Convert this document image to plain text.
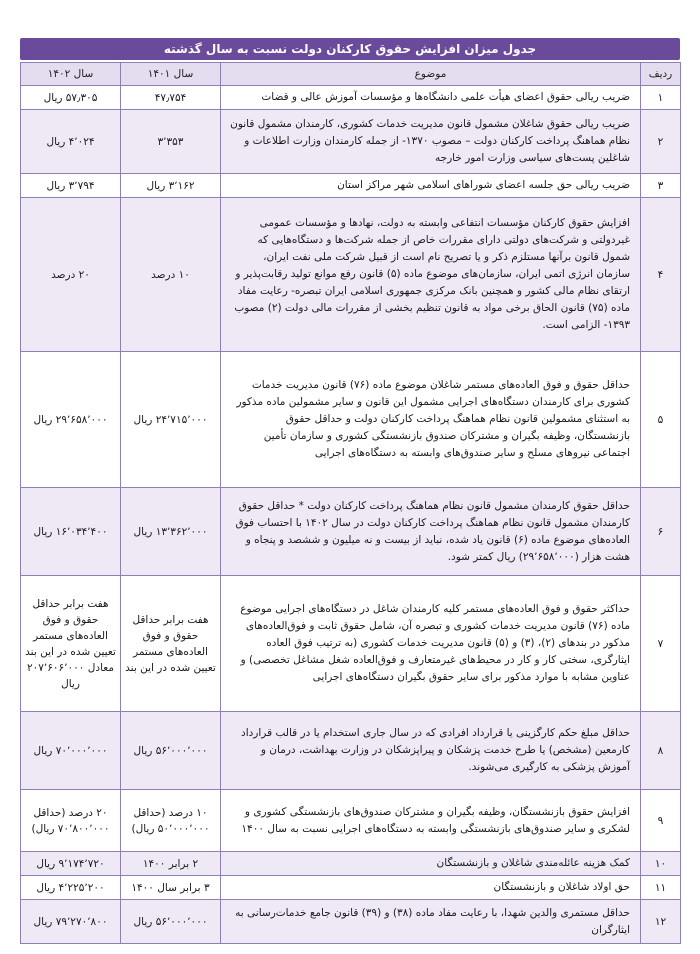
جدول میزان افزایش حقوق کارکنان دولت نسبت به سال گذشته
ردیف	موضوع	سال ۱۴۰۱	سال ۱۴۰۲
۱	ضریب ریالی حقوق اعضای هیأت علمی دانشگاه‌ها و مؤسسات آموزش عالی و قضات	۴۷٫۷۵۴	۵۷٫۳۰۵ ریال
۲	ضریب ریالی حقوق شاغلان مشمول قانون مدیریت خدمات کشوری، کارمندان مشمول قانون نظام هماهنگ پرداخت کارکنان دولت – مصوب ۱۳۷۰- از جمله کارمندان وزارت اطلاعات و شاغلین پست‌های سیاسی وزارت امور خارجه	۳٬۳۵۳	۴٬۰۲۴ ریال
۳	ضریب ریالی حق جلسه اعضای شوراهای اسلامی شهر مراکز استان	۳٬۱۶۲ ریال	۳٬۷۹۴ ریال
۴	افزایش حقوق کارکنان مؤسسات انتفاعی وابسته به دولت، نهادها و مؤسسات عمومی غیردولتی و شرکت‌های دولتی دارای مقررات خاص از جمله شرکت‌ها و دستگاه‌هایی که شمول قانون برآنها مستلزم ذکر و یا تصریح نام است از قبیل شرکت ملی نفت ایران، سازمان انرژی اتمی ایران، سازمان‌های موضوع ماده (۵) قانون رفع موانع تولید رقابت‌پذیر و ارتقای نظام مالی کشور و همچنین بانک مرکزی جمهوری اسلامی ایران تبصره- رعایت مفاد ماده (۷۵) قانون الحاق برخی مواد به قانون تنظیم بخشی از مقررات مالی دولت (۲) مصوب ۱۳۹۳- الزامی است.	۱۰ درصد	۲۰ درصد
۵	حداقل حقوق و فوق العاده‌های مستمر شاغلان موضوع ماده (۷۶) قانون مدیریت خدمات کشوری برای کارمندان دستگاه‌های اجرایی مشمول این قانون و سایر مشمولین ماده مذکور به استثنای مشمولین قانون نظام هماهنگ پرداخت کارکنان دولت و حداقل حقوق بازنشستگان، وظیفه بگیران و مشترکان صندوق بازنشستگی کشوری و سازمان تأمین اجتماعی نیروهای مسلح و سایر صندوق‌های وابسته به دستگاه‌های اجرایی	۲۴٬۷۱۵٬۰۰۰ ریال	۲۹٬۶۵۸٬۰۰۰ ریال
۶	حداقل حقوق کارمندان مشمول قانون نظام هماهنگ پرداخت کارکنان دولت * حداقل حقوق کارمندان مشمول قانون نظام هماهنگ پرداخت کارکنان دولت در سال ۱۴۰۲ با احتساب فوق العاده‌های موضوع ماده (۶) قانون یاد شده، نباید از بیست و نه میلیون و ششصد و پنجاه و هشت هزار (۲۹٬۶۵۸٬۰۰۰) ریال کمتر شود.	۱۳٬۳۶۲٬۰۰۰ ریال	۱۶٬۰۳۴٬۴۰۰ ریال
۷	حداکثر حقوق و فوق العاده‌های مستمر کلیه کارمندان شاغل در دستگاه‌های اجرایی موضوع ماده (۷۶) قانون مدیریت خدمات کشوری و تبصره آن، شامل حقوق ثابت و فوق‌العاده‌های مذکور در بندهای (۲)، (۳) و (۵) قانون مدیریت خدمات کشوری (به ترتیب فوق العاده ایثارگری، سختی کار و کار در محیط‌های غیرمتعارف و فوق‌العاده شغل مشاغل تخصصی) و عناوین مشابه با موارد مذکور برای سایر حقوق بگیران دستگاه‌های اجرایی	هفت برابر حداقل حقوق و فوق العاده‌های مستمر تعیین شده در این بند	هفت برابر حداقل حقوق و فوق العاده‌های مستمر تعیین شده در این بند معادل ۲۰۷٬۶۰۶٬۰۰۰ ریال
۸	حداقل مبلغ حکم کارگزینی یا قرارداد افرادی که در سال جاری استخدام یا در قالب قرارداد کارمعین (مشخص) یا طرح خدمت پزشکان و پیراپزشکان در وزارت بهداشت، درمان و آموزش پزشکی به کارگیری می‌شوند.	۵۶٬۰۰۰٬۰۰۰ ریال	۷۰٬۰۰۰٬۰۰۰ ریال
۹	افزایش حقوق بازنشستگان، وظیفه بگیران و مشترکان صندوق‌های بازنشستگی کشوری و لشکری و سایر صندوق‌های بازنشستگی وابسته به دستگاه‌های اجرایی نسبت به سال ۱۴۰۰	۱۰ درصد (حداقل ۵۰٬۰۰۰٬۰۰۰ ریال)	۲۰ درصد (حداقل ۷۰٬۸۰۰٬۰۰۰ ریال)
۱۰	کمک هزینه عائله‌مندی شاغلان و بازنشستگان	۲ برابر ۱۴۰۰	۹٬۱۷۴٬۷۲۰ ریال
۱۱	حق اولاد شاغلان و بازنشستگان	۳ برابر سال ۱۴۰۰	۴٬۲۲۵٬۲۰۰ ریال
۱۲	حداقل مستمری والدین شهدا، با رعایت مفاد ماده (۳۸) و (۳۹) قانون جامع خدمات‌رسانی به ایثارگران	۵۶٬۰۰۰٬۰۰۰ ریال	۷۹٬۲۷۰٬۸۰۰ ریال
